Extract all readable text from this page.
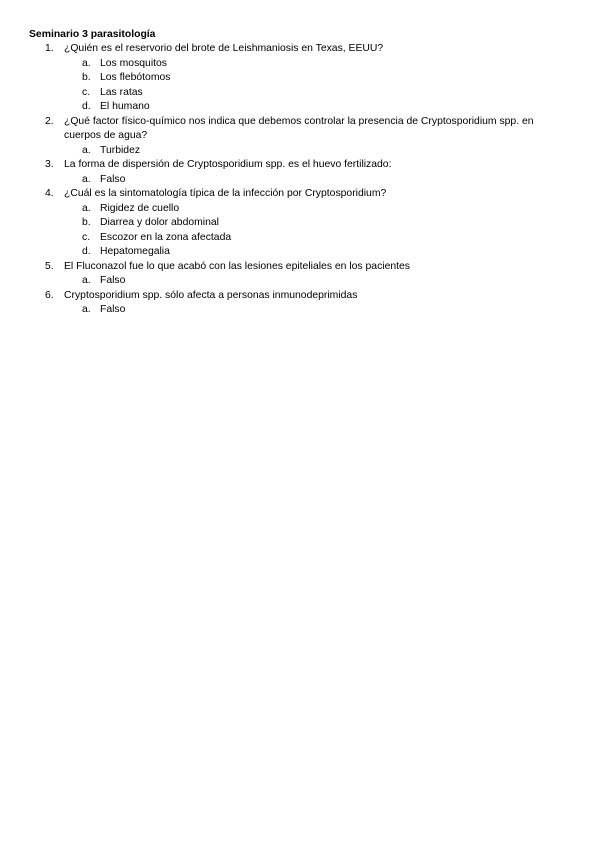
Seminario 3 parasitología
1. ¿Quién es el reservorio del brote de Leishmaniosis en Texas, EEUU?
a. Los mosquitos
b. Los flebótomos
c. Las ratas
d. El humano
2. ¿Qué factor físico-químico nos indica que debemos controlar la presencia de Cryptosporidium spp. en cuerpos de agua?
a. Turbidez
3. La forma de dispersión de Cryptosporidium spp. es el huevo fertilizado:
a. Falso
4. ¿Cuál es la sintomatología típica de la infección por Cryptosporidium?
a. Rigidez de cuello
b. Diarrea y dolor abdominal
c. Escozor en la zona afectada
d. Hepatomegalia
5. El Fluconazol fue lo que acabó con las lesiones epiteliales en los pacientes
a. Falso
6. Cryptosporidium spp. sólo afecta a personas inmunodeprimidas
a. Falso
